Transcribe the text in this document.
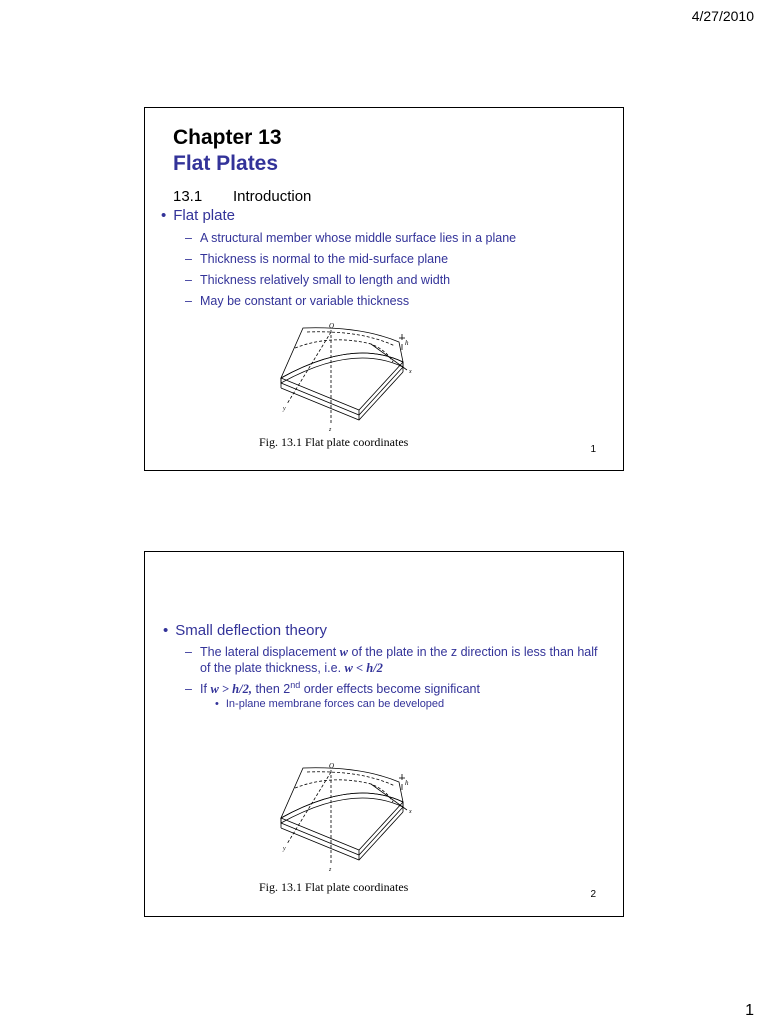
4/27/2010
Chapter 13
Flat Plates
13.1 Introduction
• Flat plate
– A structural member whose middle surface lies in a plane
– Thickness is normal to the mid-surface plane
– Thickness relatively small to length and width
– May be constant or variable thickness
O
h
x
y
z
Fig. 13.1 Flat plate coordinates
1
• Small deflection theory
– The lateral displacement w of the plate in the z direction is less than half of the plate thickness, i.e. w < h/2
– If w > h/2, then 2nd order effects become significant
• In-plane membrane forces can be developed
O
h
x
y
z
Fig. 13.1 Flat plate coordinates
2
1
